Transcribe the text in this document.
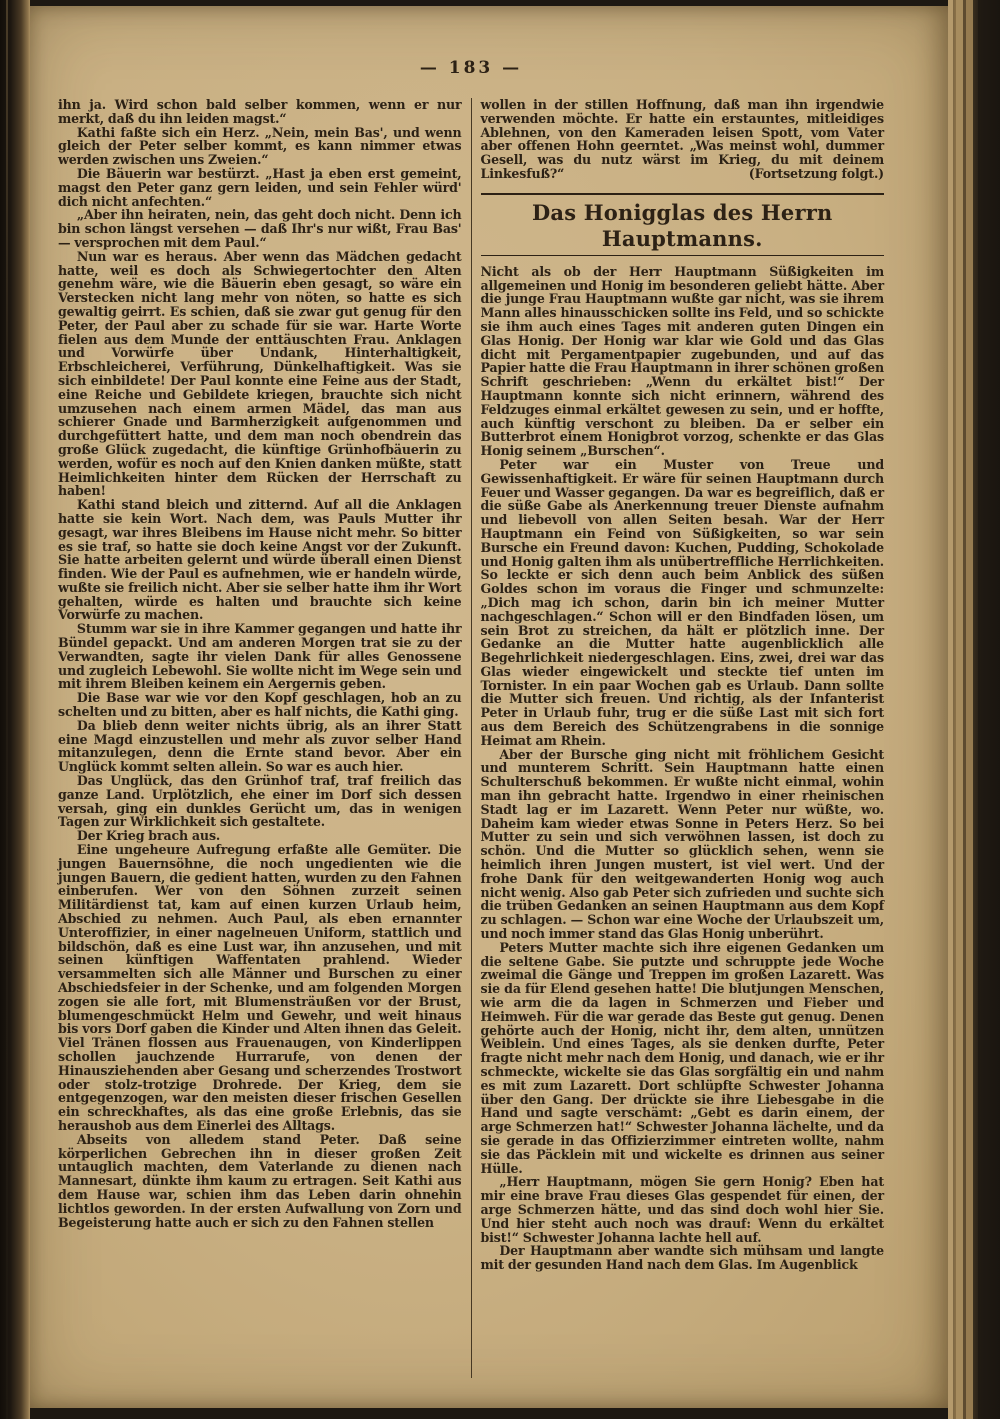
— 183 —

ihn ja. Wird schon bald selber kommen, wenn er nur merkt, daß du ihn leiden magst.“

Kathi faßte sich ein Herz. „Nein, mein Bas', und wenn gleich der Peter selber kommt, es kann nimmer etwas werden zwischen uns Zweien.“

Die Bäuerin war bestürzt. „Hast ja eben erst gemeint, magst den Peter ganz gern leiden, und sein Fehler würd' dich nicht anfechten.“

„Aber ihn heiraten, nein, das geht doch nicht. Denn ich bin schon längst versehen — daß Ihr's nur wißt, Frau Bas' — versprochen mit dem Paul.“

Nun war es heraus. Aber wenn das Mädchen gedacht hatte, weil es doch als Schwiegertochter den Alten genehm wäre, wie die Bäuerin eben gesagt, so wäre ein Verstecken nicht lang mehr von nöten, so hatte es sich gewaltig geirrt. Es schien, daß sie zwar gut genug für den Peter, der Paul aber zu schade für sie war. Harte Worte fielen aus dem Munde der enttäuschten Frau. Anklagen und Vorwürfe über Undank, Hinterhaltigkeit, Erbschleicherei, Verführung, Dünkelhaftigkeit. Was sie sich einbildete! Der Paul konnte eine Feine aus der Stadt, eine Reiche und Gebildete kriegen, brauchte sich nicht umzusehen nach einem armen Mädel, das man aus schierer Gnade und Barmherzigkeit aufgenommen und durchgefüttert hatte, und dem man noch obendrein das große Glück zugedacht, die künftige Grünhofbäuerin zu werden, wofür es noch auf den Knien danken müßte, statt Heimlichkeiten hinter dem Rücken der Herrschaft zu haben!

Kathi stand bleich und zitternd. Auf all die Anklagen hatte sie kein Wort. Nach dem, was Pauls Mutter ihr gesagt, war ihres Bleibens im Hause nicht mehr. So bitter es sie traf, so hatte sie doch keine Angst vor der Zukunft. Sie hatte arbeiten gelernt und würde überall einen Dienst finden. Wie der Paul es aufnehmen, wie er handeln würde, wußte sie freilich nicht. Aber sie selber hatte ihm ihr Wort gehalten, würde es halten und brauchte sich keine Vorwürfe zu machen.

Stumm war sie in ihre Kammer gegangen und hatte ihr Bündel gepackt. Und am anderen Morgen trat sie zu der Verwandten, sagte ihr vielen Dank für alles Genossene und zugleich Lebewohl. Sie wollte nicht im Wege sein und mit ihrem Bleiben keinem ein Aergernis geben.

Die Base war wie vor den Kopf geschlagen, hob an zu schelten und zu bitten, aber es half nichts, die Kathi ging.

Da blieb denn weiter nichts übrig, als an ihrer Statt eine Magd einzustellen und mehr als zuvor selber Hand mitanzulegen, denn die Ernte stand bevor. Aber ein Unglück kommt selten allein. So war es auch hier.

Das Unglück, das den Grünhof traf, traf freilich das ganze Land. Urplötzlich, ehe einer im Dorf sich dessen versah, ging ein dunkles Gerücht um, das in wenigen Tagen zur Wirklichkeit sich gestaltete.

Der Krieg brach aus.

Eine ungeheure Aufregung erfaßte alle Gemüter. Die jungen Bauernsöhne, die noch ungedienten wie die jungen Bauern, die gedient hatten, wurden zu den Fahnen einberufen. Wer von den Söhnen zurzeit seinen Militärdienst tat, kam auf einen kurzen Urlaub heim, Abschied zu nehmen. Auch Paul, als eben ernannter Unteroffizier, in einer nagelneuen Uniform, stattlich und bildschön, daß es eine Lust war, ihn anzusehen, und mit seinen künftigen Waffentaten prahlend. Wieder versammelten sich alle Männer und Burschen zu einer Abschiedsfeier in der Schenke, und am folgenden Morgen zogen sie alle fort, mit Blumensträußen vor der Brust, blumengeschmückt Helm und Gewehr, und weit hinaus bis vors Dorf gaben die Kinder und Alten ihnen das Geleit. Viel Tränen flossen aus Frauenaugen, von Kinderlippen schollen jauchzende Hurrarufe, von denen der Hinausziehenden aber Gesang und scherzendes Trostwort oder stolz-trotzige Drohrede. Der Krieg, dem sie entgegenzogen, war den meisten dieser frischen Gesellen ein schreckhaftes, als das eine große Erlebnis, das sie heraushob aus dem Einerlei des Alltags.

Abseits von alledem stand Peter. Daß seine körperlichen Gebrechen ihn in dieser großen Zeit untauglich machten, dem Vaterlande zu dienen nach Mannesart, dünkte ihm kaum zu ertragen. Seit Kathi aus dem Hause war, schien ihm das Leben darin ohnehin lichtlos geworden. In der ersten Aufwallung von Zorn und Begeisterung hatte auch er sich zu den Fahnen stellen

wollen in der stillen Hoffnung, daß man ihn irgendwie verwenden möchte. Er hatte ein erstauntes, mitleidiges Ablehnen, von den Kameraden leisen Spott, vom Vater aber offenen Hohn geerntet. „Was meinst wohl, dummer Gesell, was du nutz wärst im Krieg, du mit deinem Linkesfuß?“	(Fortsetzung folgt.)
Das Honigglas des Herrn Hauptmanns.

Nicht als ob der Herr Hauptmann Süßigkeiten im allgemeinen und Honig im besonderen geliebt hätte. Aber die junge Frau Hauptmann wußte gar nicht, was sie ihrem Mann alles hinausschicken sollte ins Feld, und so schickte sie ihm auch eines Tages mit anderen guten Dingen ein Glas Honig. Der Honig war klar wie Gold und das Glas dicht mit Pergamentpapier zugebunden, und auf das Papier hatte die Frau Hauptmann in ihrer schönen großen Schrift geschrieben: „Wenn du erkältet bist!“ Der Hauptmann konnte sich nicht erinnern, während des Feldzuges einmal erkältet gewesen zu sein, und er hoffte, auch künftig verschont zu bleiben. Da er selber ein Butterbrot einem Honigbrot vorzog, schenkte er das Glas Honig seinem „Burschen“.

Peter war ein Muster von Treue und Gewissenhaftigkeit. Er wäre für seinen Hauptmann durch Feuer und Wasser gegangen. Da war es begreiflich, daß er die süße Gabe als Anerkennung treuer Dienste aufnahm und liebevoll von allen Seiten besah. War der Herr Hauptmann ein Feind von Süßigkeiten, so war sein Bursche ein Freund davon: Kuchen, Pudding, Schokolade und Honig galten ihm als unübertreffliche Herrlichkeiten. So leckte er sich denn auch beim Anblick des süßen Goldes schon im voraus die Finger und schmunzelte: „Dich mag ich schon, darin bin ich meiner Mutter nachgeschlagen.“ Schon will er den Bindfaden lösen, um sein Brot zu streichen, da hält er plötzlich inne. Der Gedanke an die Mutter hatte augenblicklich alle Begehrlichkeit niedergeschlagen. Eins, zwei, drei war das Glas wieder eingewickelt und steckte tief unten im Tornister. In ein paar Wochen gab es Urlaub. Dann sollte die Mutter sich freuen. Und richtig, als der Infanterist Peter in Urlaub fuhr, trug er die süße Last mit sich fort aus dem Bereich des Schützengrabens in die sonnige Heimat am Rhein.

Aber der Bursche ging nicht mit fröhlichem Gesicht und munterem Schritt. Sein Hauptmann hatte einen Schulterschuß bekommen. Er wußte nicht einmal, wohin man ihn gebracht hatte. Irgendwo in einer rheinischen Stadt lag er im Lazarett. Wenn Peter nur wüßte, wo. Daheim kam wieder etwas Sonne in Peters Herz. So bei Mutter zu sein und sich verwöhnen lassen, ist doch zu schön. Und die Mutter so glücklich sehen, wenn sie heimlich ihren Jungen mustert, ist viel wert. Und der frohe Dank für den weitgewanderten Honig wog auch nicht wenig. Also gab Peter sich zufrieden und suchte sich die trüben Gedanken an seinen Hauptmann aus dem Kopf zu schlagen. — Schon war eine Woche der Urlaubszeit um, und noch immer stand das Glas Honig unberührt.

Peters Mutter machte sich ihre eigenen Gedanken um die seltene Gabe. Sie putzte und schruppte jede Woche zweimal die Gänge und Treppen im großen Lazarett. Was sie da für Elend gesehen hatte! Die blutjungen Menschen, wie arm die da lagen in Schmerzen und Fieber und Heimweh. Für die war gerade das Beste gut genug. Denen gehörte auch der Honig, nicht ihr, dem alten, unnützen Weiblein. Und eines Tages, als sie denken durfte, Peter fragte nicht mehr nach dem Honig, und danach, wie er ihr schmeckte, wickelte sie das Glas sorgfältig ein und nahm es mit zum Lazarett. Dort schlüpfte Schwester Johanna über den Gang. Der drückte sie ihre Liebesgabe in die Hand und sagte verschämt: „Gebt es darin einem, der arge Schmerzen hat!“ Schwester Johanna lächelte, und da sie gerade in das Offizierzimmer eintreten wollte, nahm sie das Päcklein mit und wickelte es drinnen aus seiner Hülle.

„Herr Hauptmann, mögen Sie gern Honig? Eben hat mir eine brave Frau dieses Glas gespendet für einen, der arge Schmerzen hätte, und das sind doch wohl hier Sie. Und hier steht auch noch was drauf: Wenn du erkältet bist!“ Schwester Johanna lachte hell auf.

Der Hauptmann aber wandte sich mühsam und langte mit der gesunden Hand nach dem Glas. Im Augenblick
